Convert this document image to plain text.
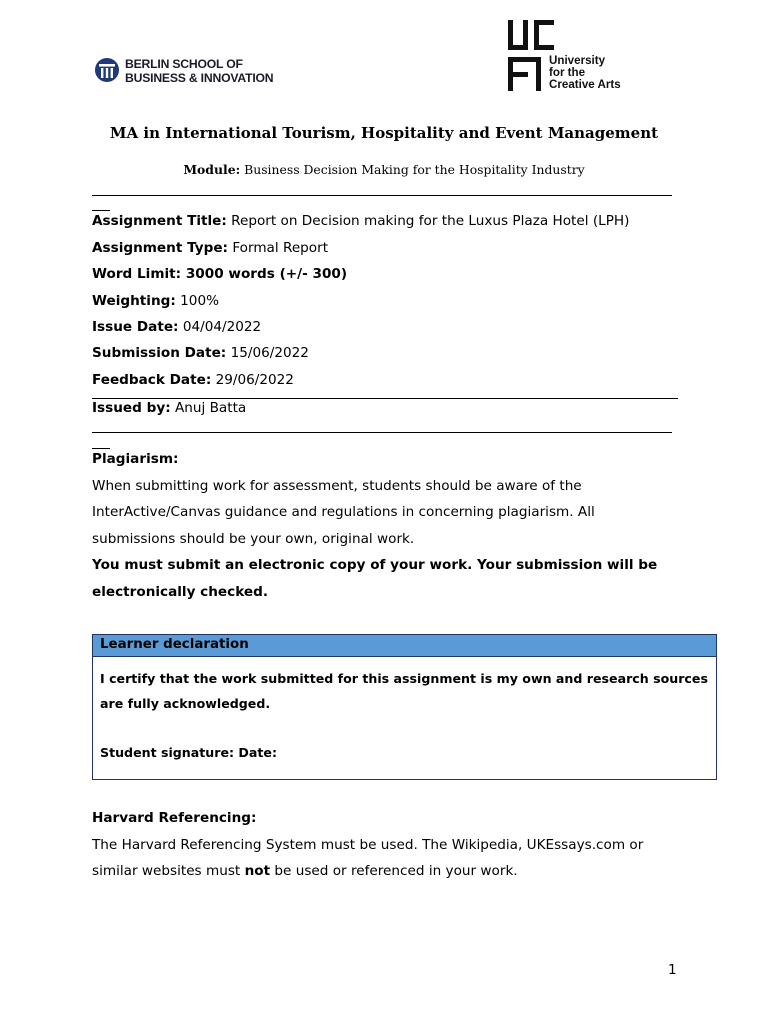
BERLIN SCHOOL OF
BUSINESS & INNOVATION
University
for the
Creative Arts
MA in International Tourism, Hospitality and Event Management
Module: Business Decision Making for the Hospitality Industry
Assignment Title: Report on Decision making for the Luxus Plaza Hotel (LPH)
Assignment Type: Formal Report
Word Limit: 3000 words (+/- 300)
Weighting: 100%
Issue Date: 04/04/2022
Submission Date: 15/06/2022
Feedback Date: 29/06/2022
Issued by: Anuj Batta
Plagiarism:
When submitting work for assessment, students should be aware of the
InterActive/Canvas guidance and regulations in concerning plagiarism. All
submissions should be your own, original work.
You must submit an electronic copy of your work. Your submission will be
electronically checked.
Learner declaration
I certify that the work submitted for this assignment is my own and research sources
are fully acknowledged.
Student signature: Date:
Harvard Referencing:
The Harvard Referencing System must be used. The Wikipedia, UKEssays.com or
similar websites must not be used or referenced in your work.
1
